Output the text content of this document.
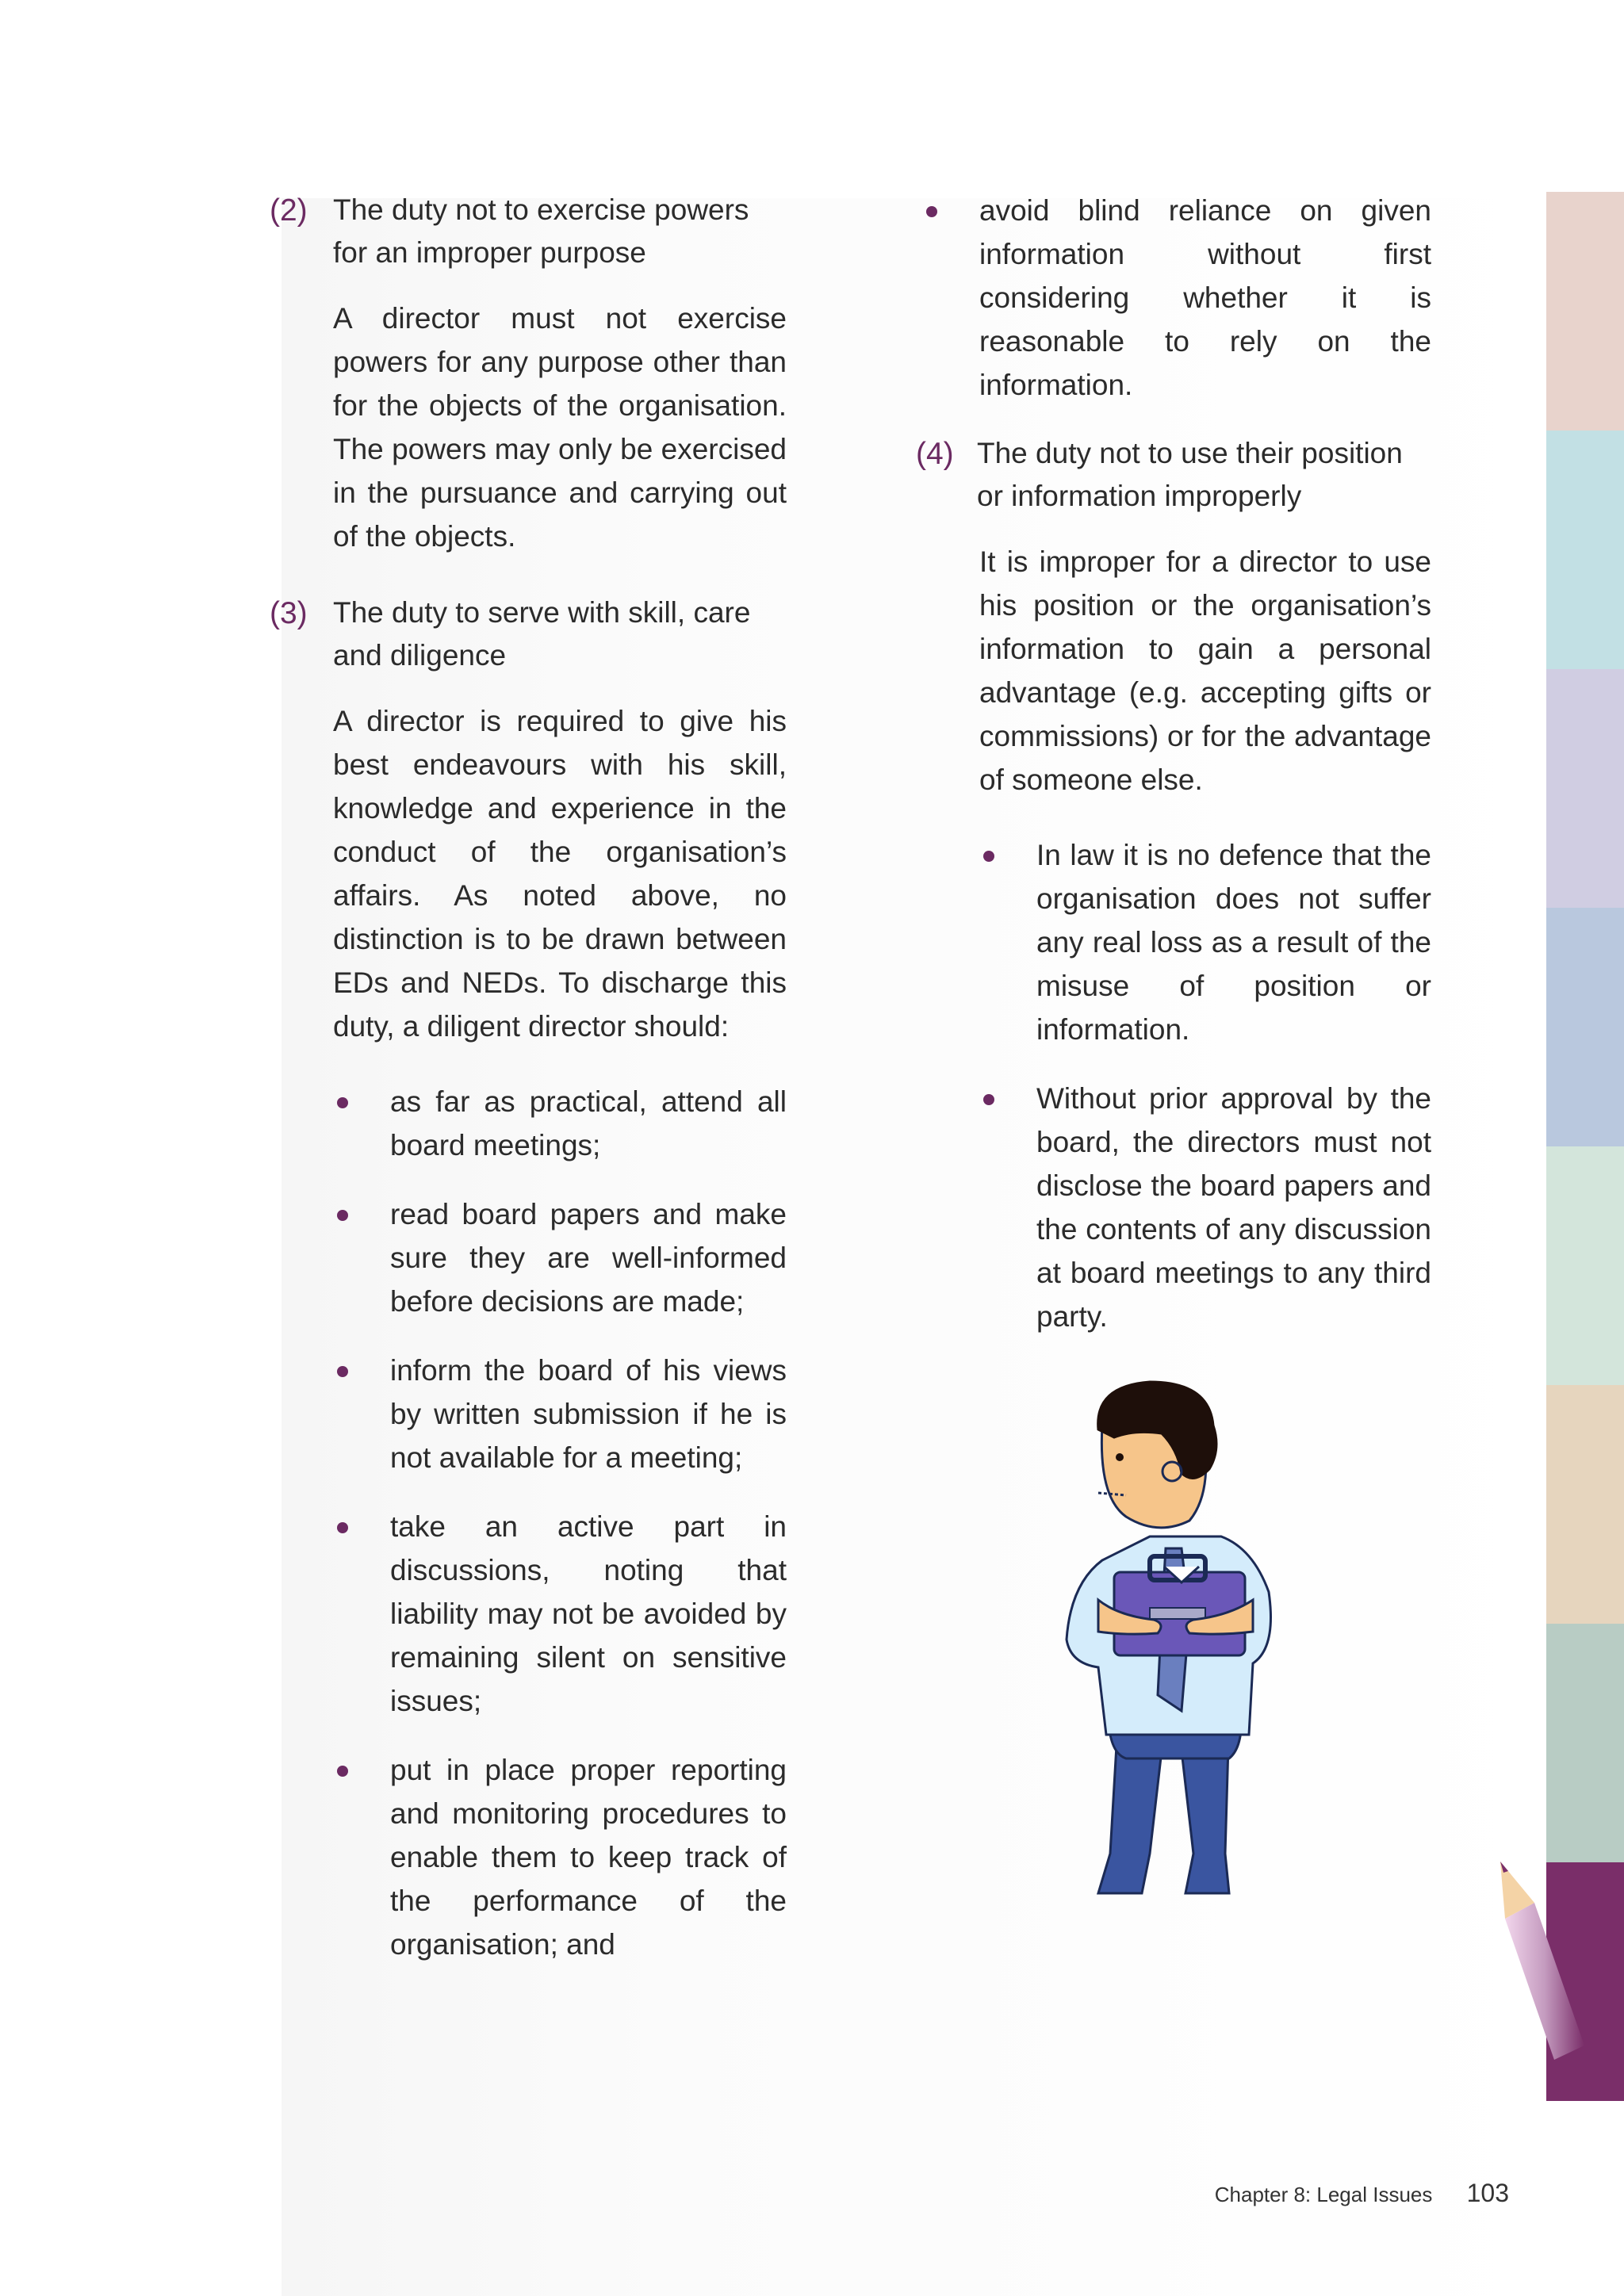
(2) The duty not to exercise powers for an improper purpose

A director must not exercise powers for any purpose other than for the objects of the organisation. The powers may only be exercised in the pursuance and carrying out of the objects.

(3) The duty to serve with skill, care and diligence

A director is required to give his best endeavours with his skill, knowledge and experience in the conduct of the organisation’s affairs. As noted above, no distinction is to be drawn between EDs and NEDs. To discharge this duty, a diligent director should:

as far as practical, attend all board meetings;
read board papers and make sure they are well-informed before decisions are made;
inform the board of his views by written submission if he is not available for a meeting;
take an active part in discussions, noting that liability may not be avoided by remaining silent on sensitive issues;
put in place proper reporting and monitoring procedures to enable them to keep track of the performance of the organisation; and
avoid blind reliance on given information without first considering whether it is reasonable to rely on the information.
(4) The duty not to use their position or information improperly

It is improper for a director to use his position or the organisation’s information to gain a personal advantage (e.g. accepting gifts or commissions) or for the advantage of someone else.

In law it is no defence that the organisation does not suffer any real loss as a result of the misuse of position or information.
Without prior approval by the board, the directors must not disclose the board papers and the contents of any discussion at board meetings to any third party.
Chapter 8: Legal Issues 103
